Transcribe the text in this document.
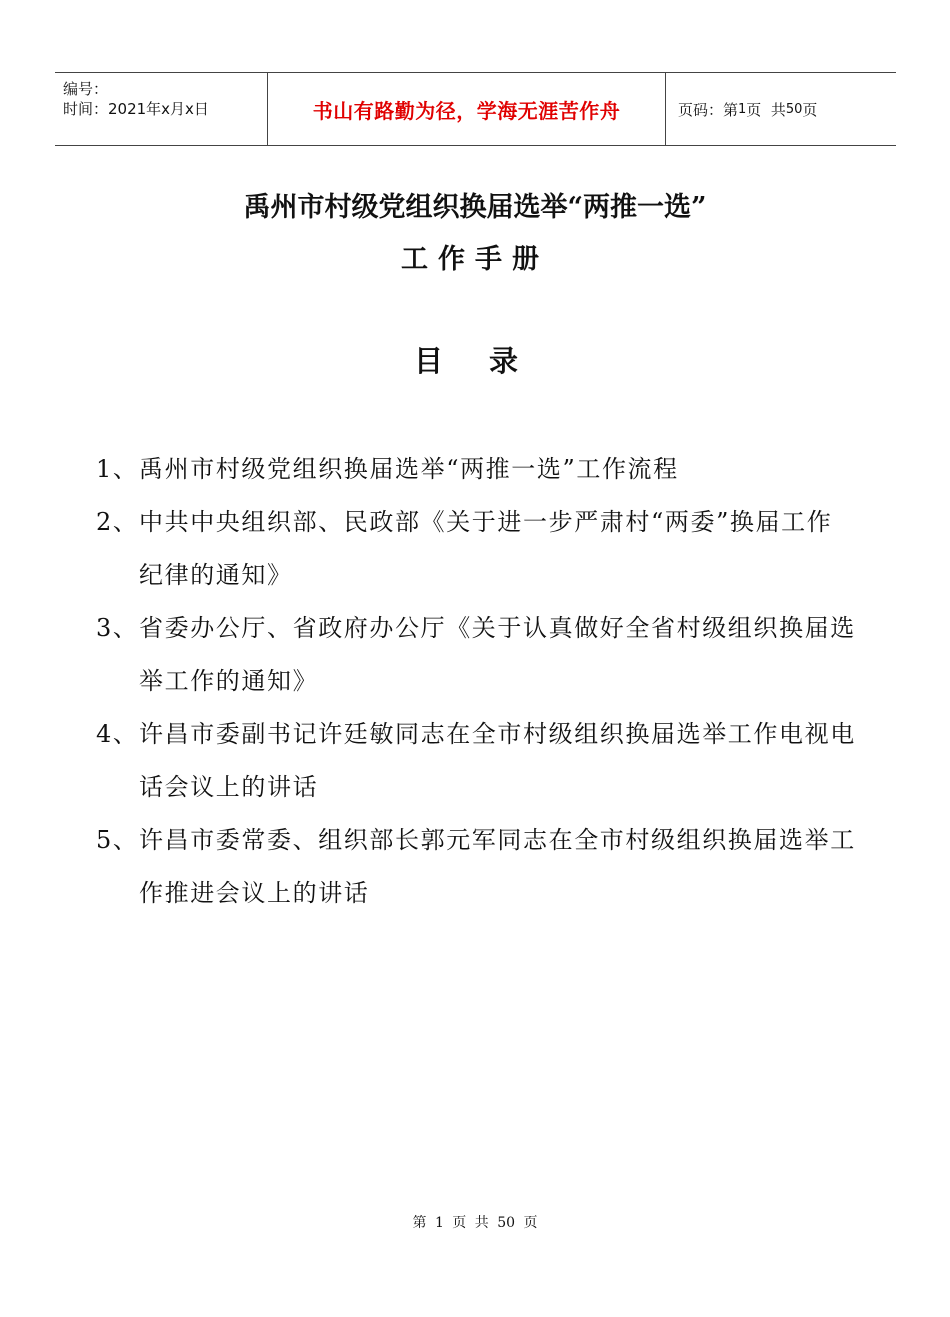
编号：
时间：2021年x月x日	书山有路勤为径，学海无涯苦作舟	页码：第 1 页  共 50 页
禹州市村级党组织换届选举“两推一选”
工作手册
目 录
1、 禹州市村级党组织换届选举“两推一选”工作流程
2、 中共中央组织部、民政部《关于进一步严肃村“两委”换届工作纪律的通知》
3、 省委办公厅、省政府办公厅《关于认真做好全省村级组织换届选举工作的通知》
4、 许昌市委副书记许廷敏同志在全市村级组织换届选举工作电视电话会议上的讲话
5、 许昌市委常委、组织部长郭元军同志在全市村级组织换届选举工作推进会议上的讲话
第 1 页 共 50 页
